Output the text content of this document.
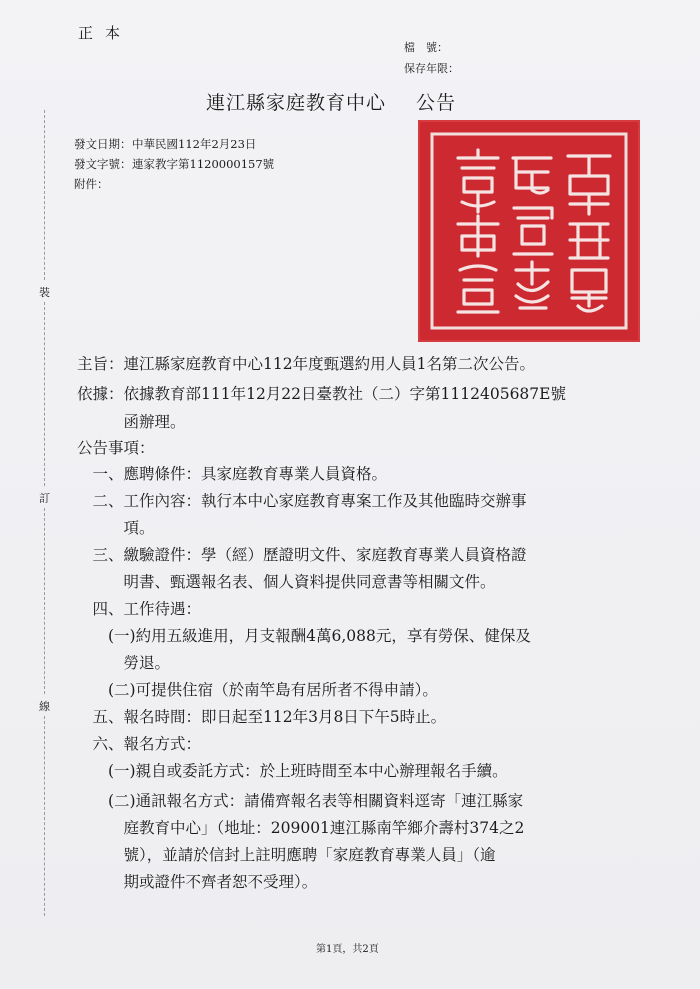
正本
檔　號：
保存年限：
連江縣家庭教育中心 公告
發文日期：中華民國112年2月23日
發文字號：連家教字第1120000157號
附件：
裝
訂
線
主旨：連江縣家庭教育中心112年度甄選約用人員1名第二次公告。
依據：依據教育部111年12月22日臺教社（二）字第1112405687E號
　　　函辦理。
公告事項：
　一、應聘條件：具家庭教育專業人員資格。
　二、工作內容：執行本中心家庭教育專案工作及其他臨時交辦事
　　　項。
　三、繳驗證件：學（經）歷證明文件、家庭教育專業人員資格證
　　　明書、甄選報名表、個人資料提供同意書等相關文件。
　四、工作待遇：
　　(一)約用五級進用，月支報酬4萬6,088元，享有勞保、健保及
　　　勞退。
　　(二)可提供住宿（於南竿島有居所者不得申請）。
　五、報名時間：即日起至112年3月8日下午5時止。
　六、報名方式：
　　(一)親自或委託方式：於上班時間至本中心辦理報名手續。
　　(二)通訊報名方式：請備齊報名表等相關資料逕寄「連江縣家
　　　庭教育中心」（地址：209001連江縣南竿鄉介壽村374之2
　　　號），並請於信封上註明應聘「家庭教育專業人員」（逾
　　　期或證件不齊者恕不受理）。
第1頁，共2頁
